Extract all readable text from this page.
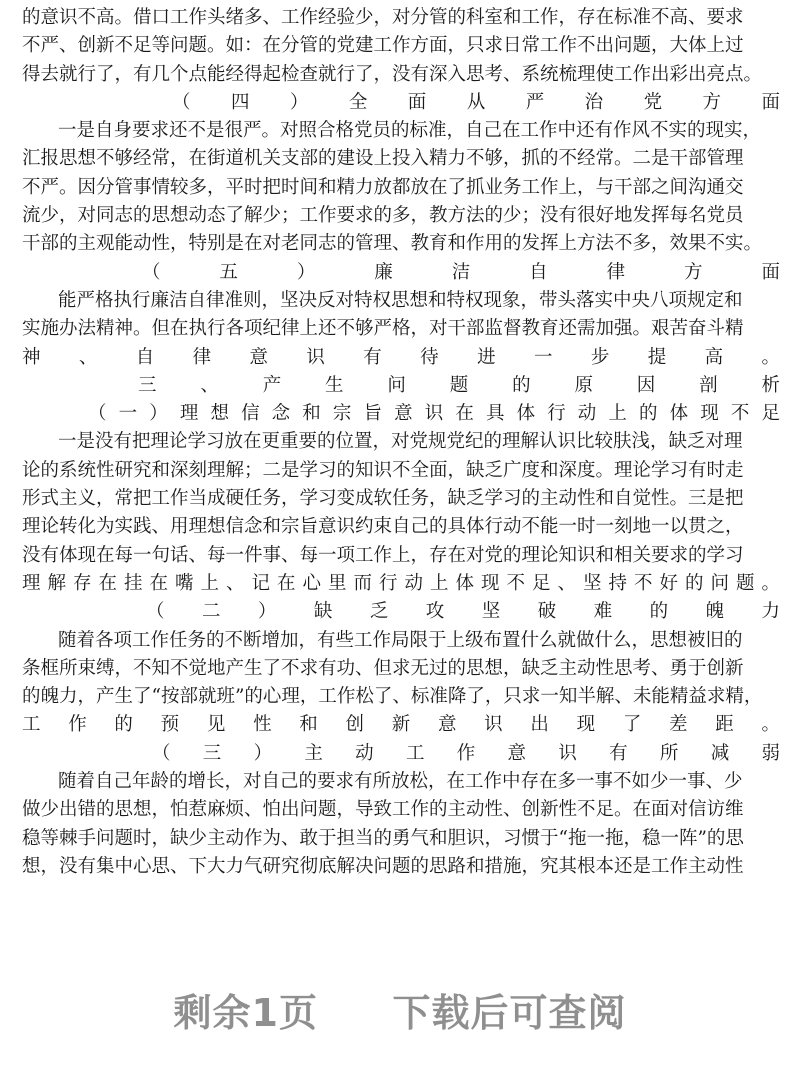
的意识不高。借口工作头绪多、工作经验少，对分管的科室和工作，存在标准不高、要求
不严、创新不足等问题。如：在分管的党建工作方面，只求日常工作不出问题，大体上过
得去就行了，有几个点能经得起检查就行了，没有深入思考、系统梳理使工作出彩出亮点。
（四）全面从严治党方面
一是自身要求还不是很严。对照合格党员的标准，自己在工作中还有作风不实的现实，
汇报思想不够经常，在街道机关支部的建设上投入精力不够，抓的不经常。二是干部管理
不严。因分管事情较多，平时把时间和精力放都放在了抓业务工作上，与干部之间沟通交
流少，对同志的思想动态了解少；工作要求的多，教方法的少；没有很好地发挥每名党员
干部的主观能动性，特别是在对老同志的管理、教育和作用的发挥上方法不多，效果不实。
（五）廉洁自律方面
能严格执行廉洁自律准则，坚决反对特权思想和特权现象，带头落实中央八项规定和
实施办法精神。但在执行各项纪律上还不够严格，对干部监督教育还需加强。艰苦奋斗精
神、自律意识有待进一步提高。
三、产生问题的原因剖析
（一）理想信念和宗旨意识在具体行动上的体现不足
一是没有把理论学习放在更重要的位置，对党规党纪的理解认识比较肤浅，缺乏对理
论的系统性研究和深刻理解；二是学习的知识不全面，缺乏广度和深度。理论学习有时走
形式主义，常把工作当成硬任务，学习变成软任务，缺乏学习的主动性和自觉性。三是把
理论转化为实践、用理想信念和宗旨意识约束自己的具体行动不能一时一刻地一以贯之，
没有体现在每一句话、每一件事、每一项工作上，存在对党的理论知识和相关要求的学习
理解存在挂在嘴上、记在心里而行动上体现不足、坚持不好的问题。
（二）缺乏攻坚破难的魄力
随着各项工作任务的不断增加，有些工作局限于上级布置什么就做什么，思想被旧的
条框所束缚，不知不觉地产生了不求有功、但求无过的思想，缺乏主动性思考、勇于创新
的魄力，产生了“按部就班”的心理，工作松了、标准降了，只求一知半解、未能精益求精，
工作的预见性和创新意识出现了差距。
（三）主动工作意识有所减弱
随着自己年龄的增长，对自己的要求有所放松，在工作中存在多一事不如少一事、少
做少出错的思想，怕惹麻烦、怕出问题，导致工作的主动性、创新性不足。在面对信访维
稳等棘手问题时，缺少主动作为、敢于担当的勇气和胆识，习惯于“拖一拖，稳一阵”的思
想，没有集中心思、下大力气研究彻底解决问题的思路和措施，究其根本还是工作主动性
剩余1页 下载后可查阅
